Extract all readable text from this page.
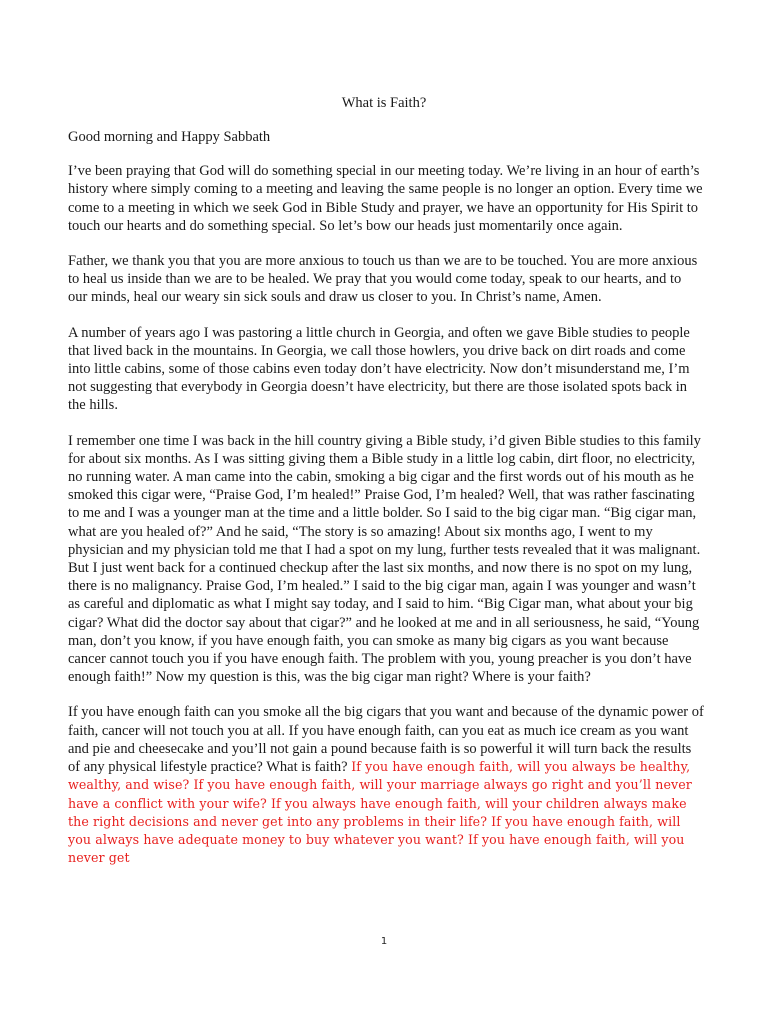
What is Faith?

Good morning and Happy Sabbath

I’ve been praying that God will do something special in our meeting today. We’re living in an hour of earth’s history where simply coming to a meeting and leaving the same people is no longer an option. Every time we come to a meeting in which we seek God in Bible Study and prayer, we have an opportunity for His Spirit to touch our hearts and do something special. So let’s bow our heads just momentarily once again.

Father, we thank you that you are more anxious to touch us than we are to be touched. You are more anxious to heal us inside than we are to be healed. We pray that you would come today, speak to our hearts, and to our minds, heal our weary sin sick souls and draw us closer to you. In Christ’s name, Amen.

A number of years ago I was pastoring a little church in Georgia, and often we gave Bible studies to people that lived back in the mountains. In Georgia, we call those howlers, you drive back on dirt roads and come into little cabins, some of those cabins even today don’t have electricity. Now don’t misunderstand me, I’m not suggesting that everybody in Georgia doesn’t have electricity, but there are those isolated spots back in the hills.

I remember one time I was back in the hill country giving a Bible study, i’d given Bible studies to this family for about six months. As I was sitting giving them a Bible study in a little log cabin, dirt floor, no electricity, no running water. A man came into the cabin, smoking a big cigar and the first words out of his mouth as he smoked this cigar were, “Praise God, I’m healed!” Praise God, I’m healed? Well, that was rather fascinating to me and I was a younger man at the time and a little bolder. So I said to the big cigar man. “Big cigar man, what are you healed of?” And he said, “The story is so amazing! About six months ago, I went to my physician and my physician told me that I had a spot on my lung, further tests revealed that it was malignant. But I just went back for a continued checkup after the last six months, and now there is no spot on my lung, there is no malignancy. Praise God, I’m healed.” I said to the big cigar man, again I was younger and wasn’t as careful and diplomatic as what I might say today, and I said to him. “Big Cigar man, what about your big cigar? What did the doctor say about that cigar?” and he looked at me and in all seriousness, he said, “Young man, don’t you know, if you have enough faith, you can smoke as many big cigars as you want because cancer cannot touch you if you have enough faith. The problem with you, young preacher is you don’t have enough faith!” Now my question is this, was the big cigar man right? Where is your faith?

If you have enough faith can you smoke all the big cigars that you want and because of the dynamic power of faith, cancer will not touch you at all. If you have enough faith, can you eat as much ice cream as you want and pie and cheesecake and you’ll not gain a pound because faith is so powerful it will turn back the results of any physical lifestyle practice? What is faith? If you have enough faith, will you always be healthy, wealthy, and wise? If you have enough faith, will your marriage always go right and you’ll never have a conflict with your wife? If you always have enough faith, will your children always make the right decisions and never get into any problems in their life? If you have enough faith, will you always have adequate money to buy whatever you want? If you have enough faith, will you never get

1
